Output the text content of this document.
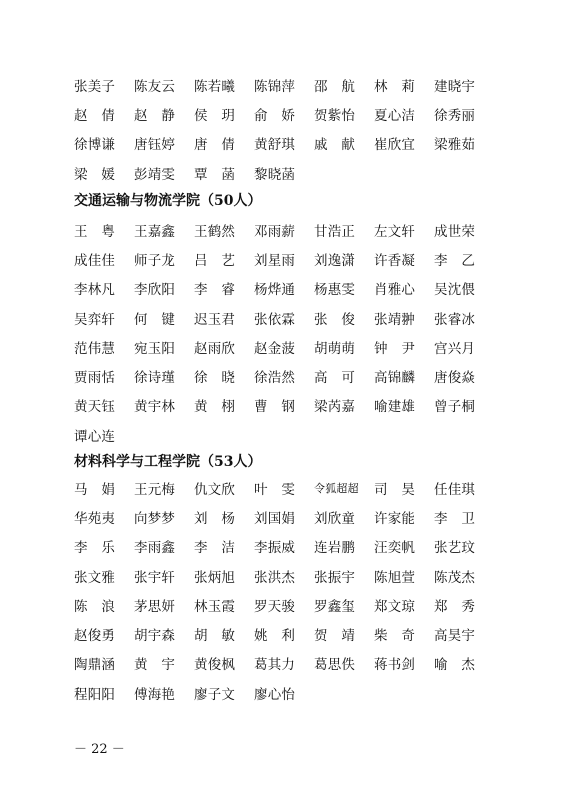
张美子	陈友云	陈若曦	陈锦萍	邵　航	林　莉	建晓宇
赵　倩	赵　静	侯　玥	俞　娇	贺紫怡	夏心洁	徐秀丽
徐博谦	唐钰婷	唐　倩	黄舒琪	戚　献	崔欣宜	梁雅茹
梁　媛	彭靖雯	覃　菡	黎晓菡
交通运输与物流学院（50人）
王　粤	王嘉鑫	王鹤然	邓雨薪	甘浩正	左文轩	成世荣
成佳佳	师子龙	吕　艺	刘星雨	刘逸潇	许香凝	李　乙
李林凡	李欣阳	李　睿	杨烨通	杨惠雯	肖雅心	吴沈偎
吴弈轩	何　键	迟玉君	张依霖	张　俊	张靖翀	张睿冰
范伟慧	宛玉阳	赵雨欣	赵金菠	胡萌萌	钟　尹	宫兴月
贾雨恬	徐诗瑾	徐　晓	徐浩然	高　可	高锦麟	唐俊焱
黄天钰	黄宇林	黄　栩	曹　钢	梁芮嘉	喻建雄	曾子桐
谭心连
材料科学与工程学院（53人）
马　娟	王元梅	仇文欣	叶　雯	令狐超超	司　昊	任佳琪
华苑夷	向梦梦	刘　杨	刘国娟	刘欣童	许家能	李　卫
李　乐	李雨鑫	李　洁	李振威	连岩鹏	汪奕帆	张艺玟
张文雅	张宇轩	张炳旭	张洪杰	张振宇	陈旭萱	陈茂杰
陈　浪	茅思妍	林玉霞	罗天骏	罗鑫玺	郑文琼	郑　秀
赵俊勇	胡宇森	胡　敏	姚　利	贺　靖	柴　奇	高昊宇
陶鼎涵	黄　宇	黄俊枫	葛其力	葛思佚	蒋书剑	喻　杰
程阳阳	傅海艳	廖子文	廖心怡
－ 22 －
